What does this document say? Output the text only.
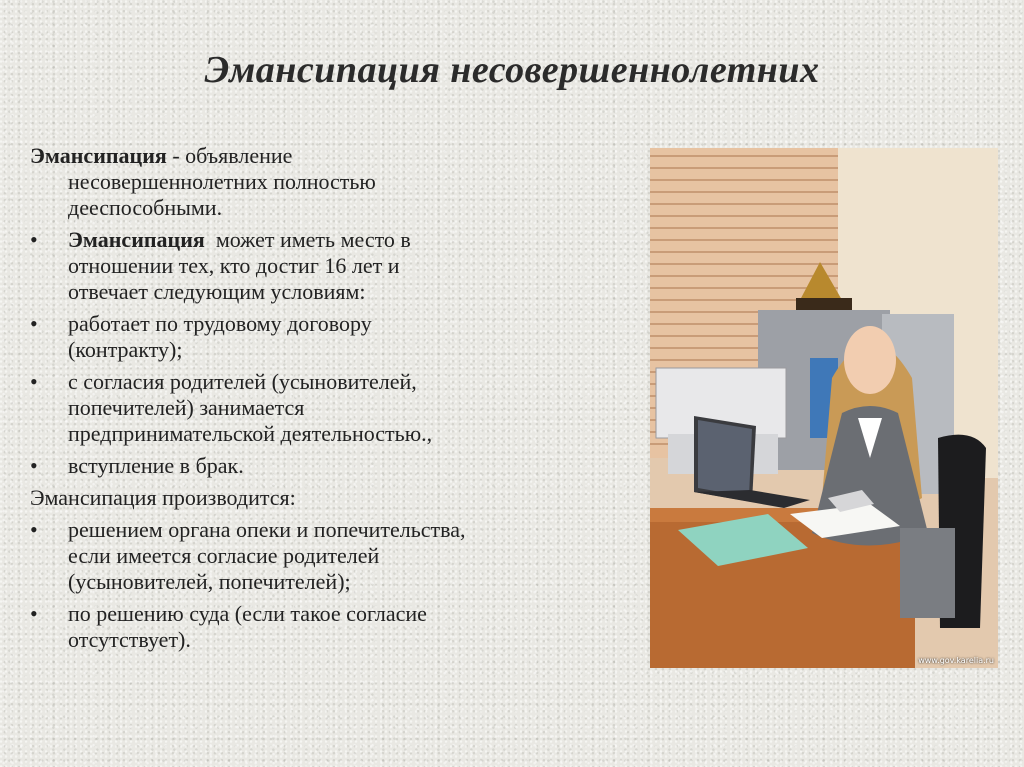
Эмансипация несовершеннолетних

Эмансипация - объявление
несовершеннолетних полностью
дееспособными.

• Эмансипация  может иметь место в
отношении тех, кто достиг 16 лет и
отвечает следующим условиям:
• работает по трудовому договору
(контракту);
• с согласия родителей (усыновителей,
попечителей) занимается
предпринимательской деятельностью.,
• вступление в брак.

Эмансипация производится:

• решением органа опеки и попечительства,
если имеется согласие родителей
(усыновителей, попечителей);
• по решению суда (если такое согласие
отсутствует).
www.gov.karelia.ru
